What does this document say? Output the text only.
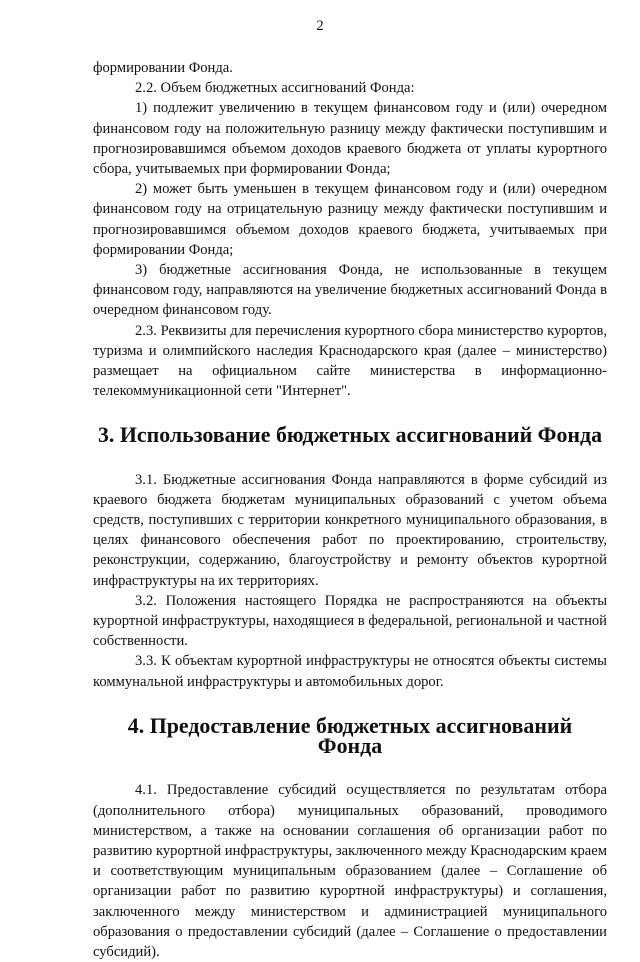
2

формировании Фонда.

2.2. Объем бюджетных ассигнований Фонда:

1) подлежит увеличению в текущем финансовом году и (или) очередном финансовом году на положительную разницу между фактически поступившим и прогнозировавшимся объемом доходов краевого бюджета от уплаты курортного сбора, учитываемых при формировании Фонда;

2) может быть уменьшен в текущем финансовом году и (или) очередном финансовом году на отрицательную разницу между фактически поступившим и прогнозировавшимся объемом доходов краевого бюджета, учитываемых при формировании Фонда;

3) бюджетные ассигнования Фонда, не использованные в текущем финансовом году, направляются на увеличение бюджетных ассигнований Фонда в очередном финансовом году.

2.3. Реквизиты для перечисления курортного сбора министерство курортов, туризма и олимпийского наследия Краснодарского края (далее – министерство) размещает на официальном сайте министерства в информационно-телекоммуникационной сети "Интернет".

3. Использование бюджетных ассигнований Фонда

3.1. Бюджетные ассигнования Фонда направляются в форме субсидий из краевого бюджета бюджетам муниципальных образований с учетом объема средств, поступивших с территории конкретного муниципального образования, в целях финансового обеспечения работ по проектированию, строительству, реконструкции, содержанию, благоустройству и ремонту объектов курортной инфраструктуры на их территориях.

3.2. Положения настоящего Порядка не распространяются на объекты курортной инфраструктуры, находящиеся в федеральной, региональной и частной собственности.

3.3. К объектам курортной инфраструктуры не относятся объекты системы коммунальной инфраструктуры и автомобильных дорог.

4. Предоставление бюджетных ассигнований Фонда

4.1. Предоставление субсидий осуществляется по результатам отбора (дополнительного отбора) муниципальных образований, проводимого министерством, а также на основании соглашения об организации работ по развитию курортной инфраструктуры, заключенного между Краснодарским краем и соответствующим муниципальным образованием (далее – Соглашение об организации работ по развитию курортной инфраструктуры) и соглашения, заключенного между министерством и администрацией муниципального образования о предоставлении субсидий (далее – Соглашение о предоставлении субсидий).
